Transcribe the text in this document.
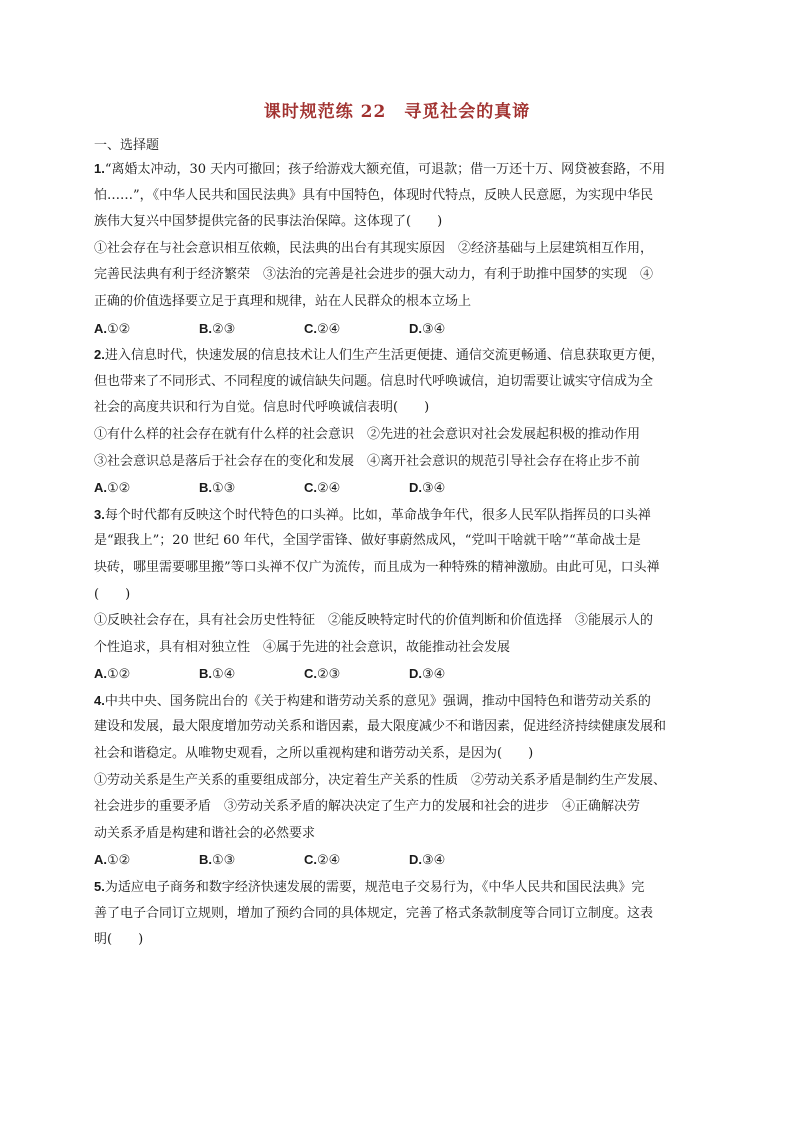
课时规范练 22　寻觅社会的真谛
一、选择题
1.“离婚太冲动，30 天内可撤回；孩子给游戏大额充值，可退款；借一万还十万、网贷被套路，不用
怕……”，《中华人民共和国民法典》具有中国特色，体现时代特点，反映人民意愿，为实现中华民
族伟大复兴中国梦提供完备的民事法治保障。这体现了(　　)
①社会存在与社会意识相互依赖，民法典的出台有其现实原因　②经济基础与上层建筑相互作用，
完善民法典有利于经济繁荣　③法治的完善是社会进步的强大动力，有利于助推中国梦的实现　④
正确的价值选择要立足于真理和规律，站在人民群众的根本立场上
A.①②	B.②③	C.②④	D.③④
2.进入信息时代，快速发展的信息技术让人们生产生活更便捷、通信交流更畅通、信息获取更方便，
但也带来了不同形式、不同程度的诚信缺失问题。信息时代呼唤诚信，迫切需要让诚实守信成为全
社会的高度共识和行为自觉。信息时代呼唤诚信表明(　　)
①有什么样的社会存在就有什么样的社会意识　②先进的社会意识对社会发展起积极的推动作用
③社会意识总是落后于社会存在的变化和发展　④离开社会意识的规范引导社会存在将止步不前
A.①②	B.①③	C.②④	D.③④
3.每个时代都有反映这个时代特色的口头禅。比如，革命战争年代，很多人民军队指挥员的口头禅
是“跟我上”；20 世纪 60 年代，全国学雷锋、做好事蔚然成风，“党叫干啥就干啥”“革命战士是
块砖，哪里需要哪里搬”等口头禅不仅广为流传，而且成为一种特殊的精神激励。由此可见，口头禅
(　　)
①反映社会存在，具有社会历史性特征　②能反映特定时代的价值判断和价值选择　③能展示人的
个性追求，具有相对独立性　④属于先进的社会意识，故能推动社会发展
A.①②	B.①④	C.②③	D.③④
4.中共中央、国务院出台的《关于构建和谐劳动关系的意见》强调，推动中国特色和谐劳动关系的
建设和发展，最大限度增加劳动关系和谐因素，最大限度减少不和谐因素，促进经济持续健康发展和
社会和谐稳定。从唯物史观看，之所以重视构建和谐劳动关系，是因为(　　)
①劳动关系是生产关系的重要组成部分，决定着生产关系的性质　②劳动关系矛盾是制约生产发展、
社会进步的重要矛盾　③劳动关系矛盾的解决决定了生产力的发展和社会的进步　④正确解决劳
动关系矛盾是构建和谐社会的必然要求
A.①②	B.①③	C.②④	D.③④
5.为适应电子商务和数字经济快速发展的需要，规范电子交易行为，《中华人民共和国民法典》完
善了电子合同订立规则，增加了预约合同的具体规定，完善了格式条款制度等合同订立制度。这表
明(　　)
